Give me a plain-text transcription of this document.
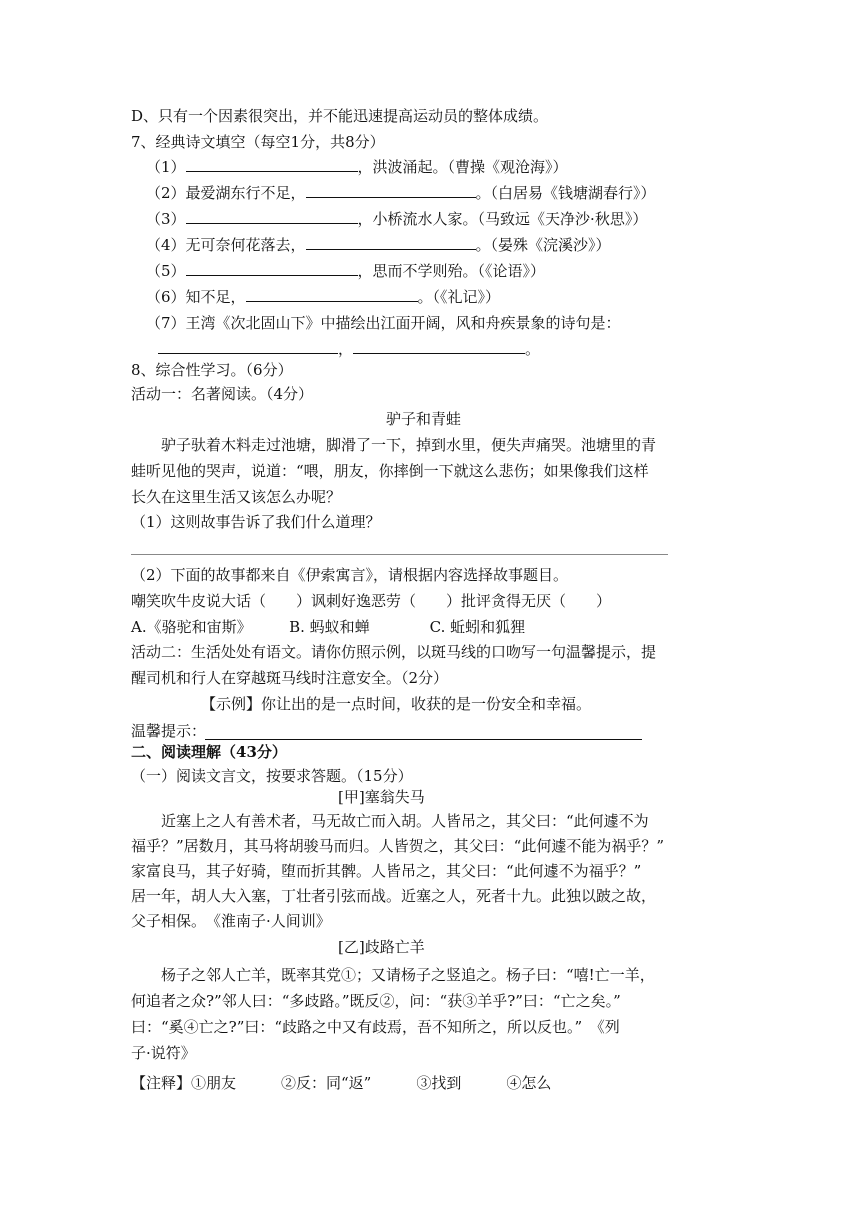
D、只有一个因素很突出，并不能迅速提高运动员的整体成绩。
7、经典诗文填空（每空1分，共8分）
（1）	，洪波涌起。（曹操《观沧海》）
（2）最爱湖东行不足，	。（白居易《钱塘湖春行》）
（3）	，小桥流水人家。（马致远《天净沙·秋思》）
（4）无可奈何花落去，	。（晏殊《浣溪沙》）
（5）	，思而不学则殆。（《论语》）
（6）知不足，	。（《礼记》）
（7）王湾《次北固山下》中描绘出江面开阔，风和舟疾景象的诗句是：
，	。
8、综合性学习。（6分）
活动一：名著阅读。（4分）
驴子和青蛙
驴子驮着木料走过池塘，脚滑了一下，掉到水里，便失声痛哭。池塘里的青
蛙听见他的哭声，说道：“喂，朋友，你摔倒一下就这么悲伤；如果像我们这样
长久在这里生活又该怎么办呢？
（1）这则故事告诉了我们什么道理？
（2）下面的故事都来自《伊索寓言》，请根据内容选择故事题目。
嘲笑吹牛皮说大话（　　）讽刺好逸恶劳（　　）批评贪得无厌（　　）
A.《骆驼和宙斯》　　　B. 蚂蚁和蝉　　　　C. 蚯蚓和狐狸
活动二：生活处处有语文。请你仿照示例，以斑马线的口吻写一句温馨提示，提
醒司机和行人在穿越斑马线时注意安全。（2分）
【示例】你让出的是一点时间，收获的是一份安全和幸福。
温馨提示：
二、阅读理解（43分）
（一）阅读文言文，按要求答题。（15分）
[甲]塞翁失马
近塞上之人有善术者，马无故亡而入胡。人皆吊之，其父曰：“此何遽不为
福乎？”居数月，其马将胡骏马而归。人皆贺之，其父曰：“此何遽不能为祸乎？”
家富良马，其子好骑，堕而折其髀。人皆吊之，其父曰：“此何遽不为福乎？”
居一年，胡人大入塞，丁壮者引弦而战。近塞之人，死者十九。此独以跛之故，
父子相保。　《淮南子·人间训》
[乙]歧路亡羊
杨子之邻人亡羊，既率其党①；又请杨子之竖追之。杨子曰：“嘻!亡一羊，
何追者之众?”邻人曰：“多歧路。”既反②，问：“获③羊乎?”曰：“亡之矣。”
曰：“奚④亡之?”曰：“歧路之中又有歧焉，吾不知所之，所以反也。”　《列
子·说符》
【注释】①朋友　　　②反：同“返”　　　③找到　　　④怎么
